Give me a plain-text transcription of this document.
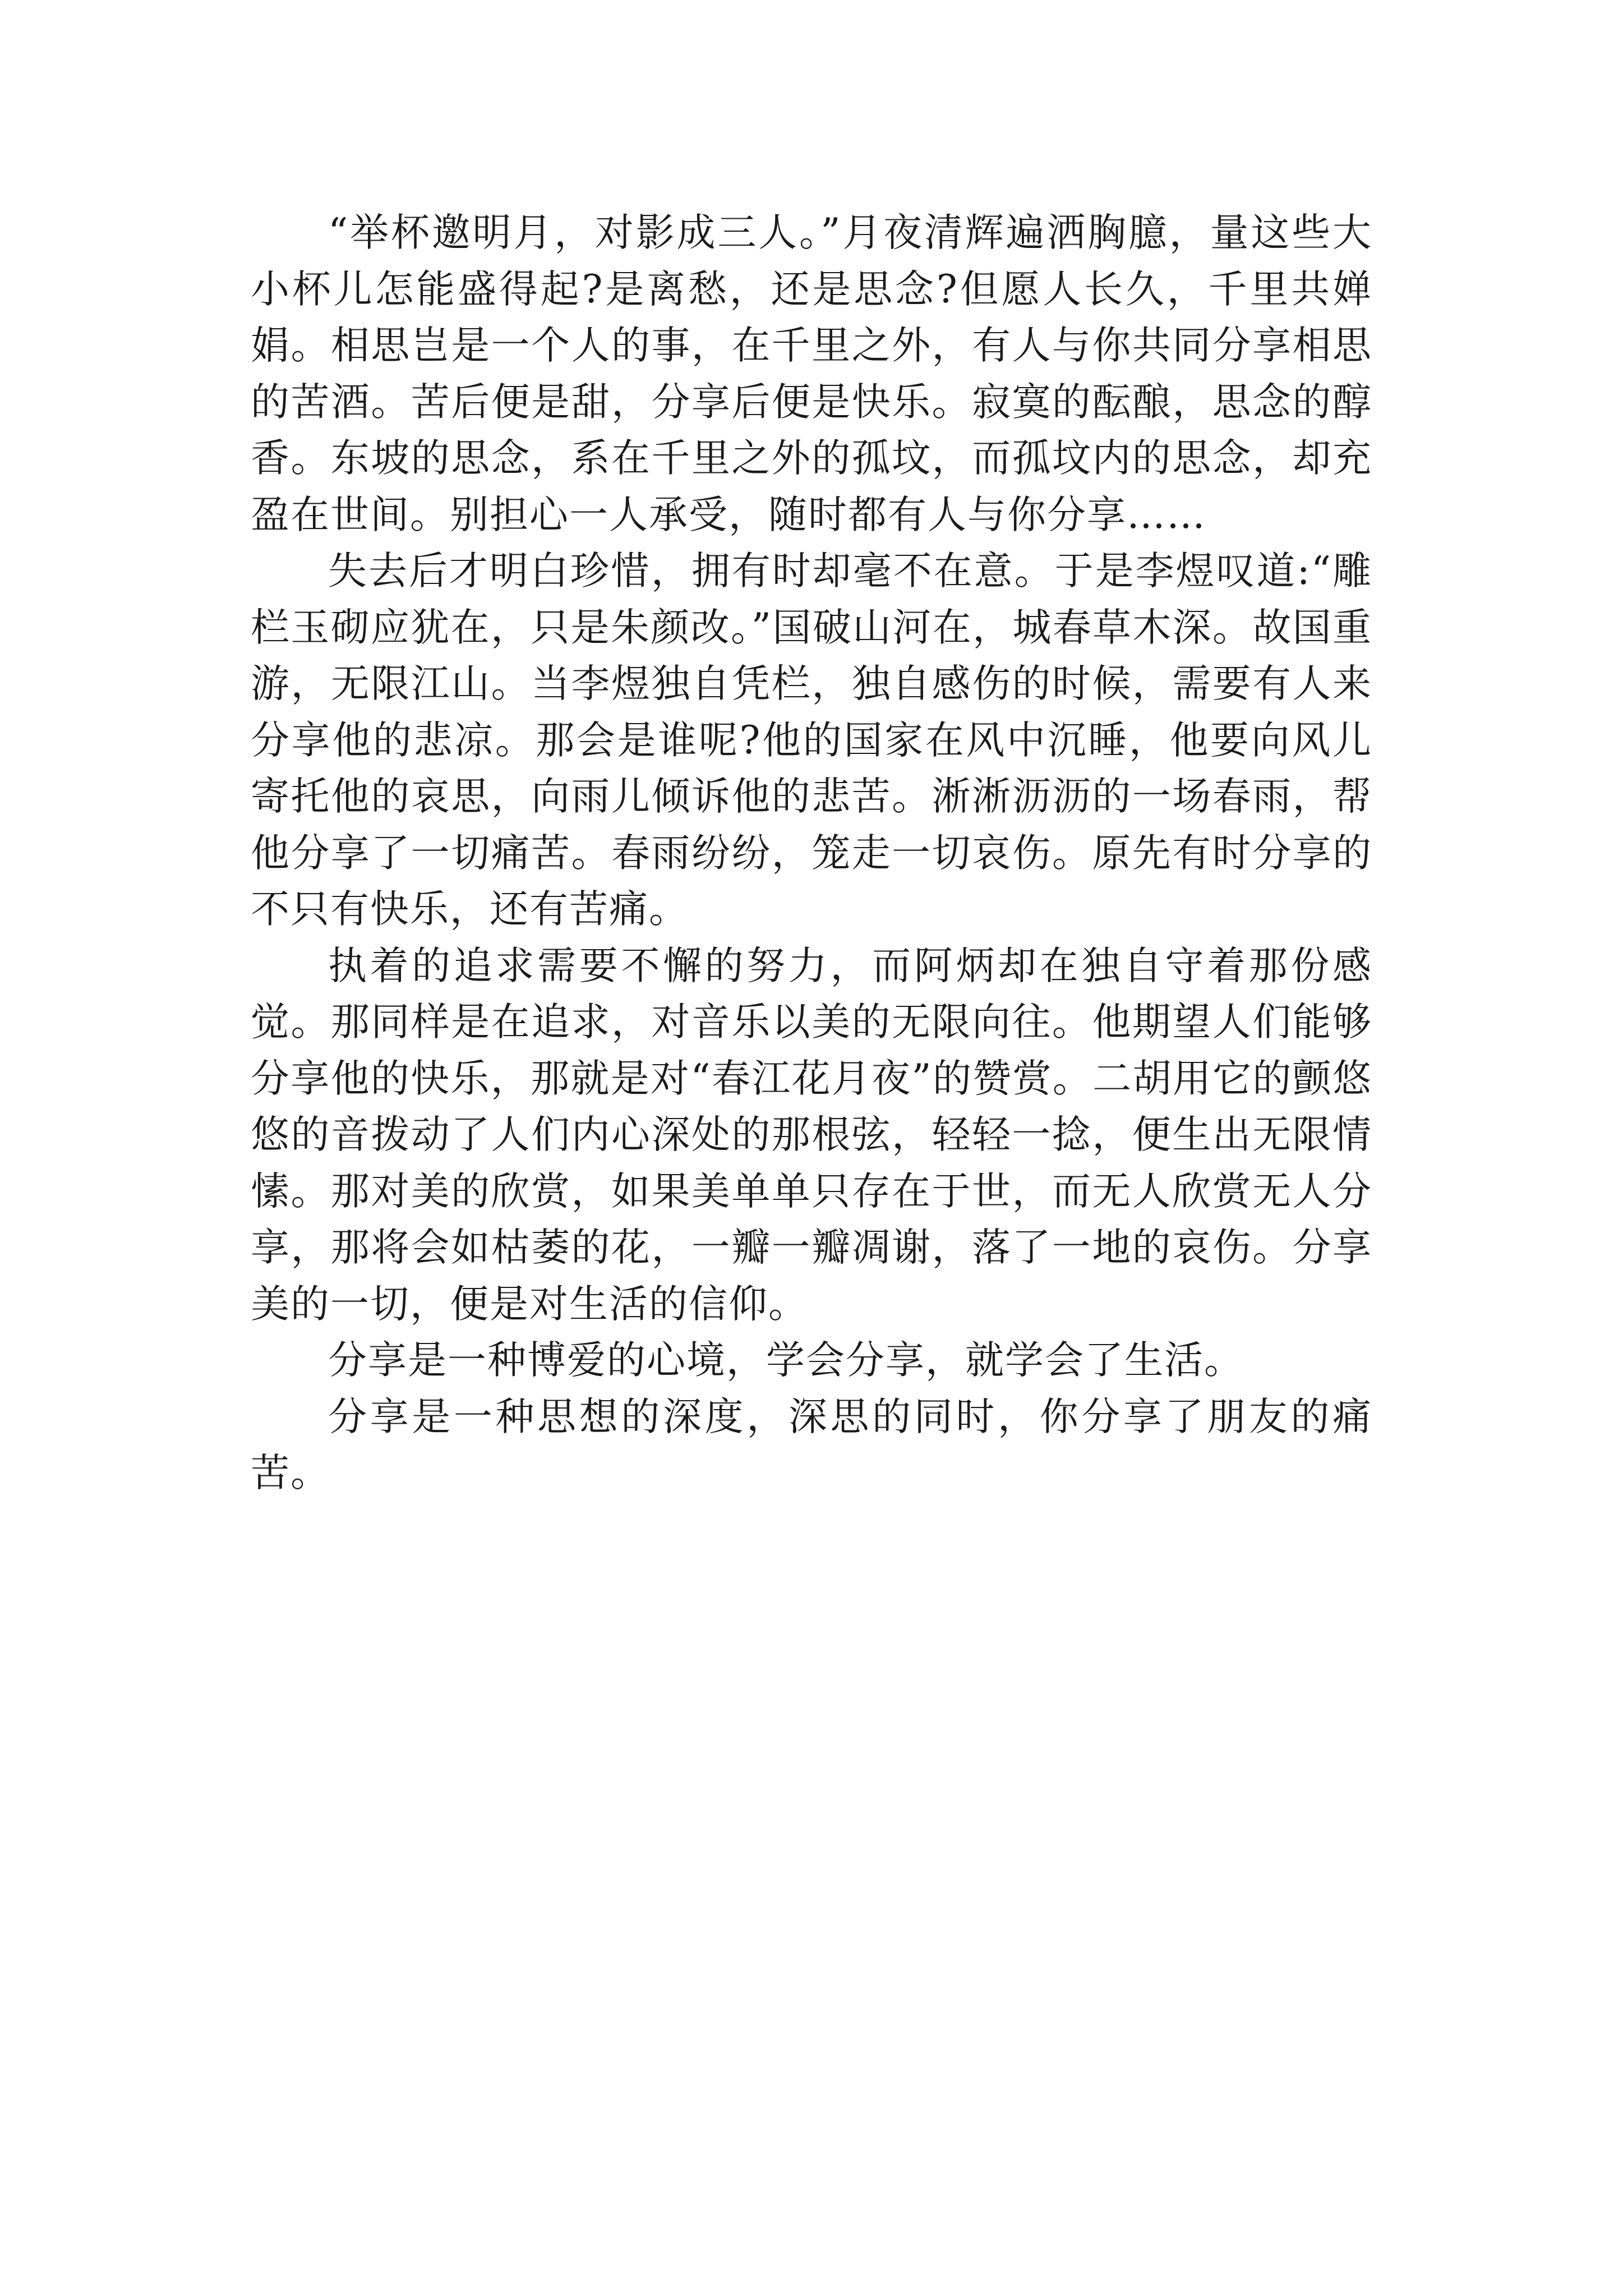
“举杯邀明月，对影成三人。”月夜清辉遍洒胸臆，量这些大小杯儿怎能盛得起?是离愁，还是思念?但愿人长久，千里共婵娟。相思岂是一个人的事，在千里之外，有人与你共同分享相思的苦酒。苦后便是甜，分享后便是快乐。寂寞的酝酿，思念的醇香。东坡的思念，系在千里之外的孤坟，而孤坟内的思念，却充盈在世间。别担心一人承受，随时都有人与你分享……

失去后才明白珍惜，拥有时却毫不在意。于是李煜叹道:“雕栏玉砌应犹在，只是朱颜改。”国破山河在，城春草木深。故国重游，无限江山。当李煜独自凭栏，独自感伤的时候，需要有人来分享他的悲凉。那会是谁呢?他的国家在风中沉睡，他要向风儿寄托他的哀思，向雨儿倾诉他的悲苦。淅淅沥沥的一场春雨，帮他分享了一切痛苦。春雨纷纷，笼走一切哀伤。原先有时分享的不只有快乐，还有苦痛。

执着的追求需要不懈的努力，而阿炳却在独自守着那份感觉。那同样是在追求，对音乐以美的无限向往。他期望人们能够分享他的快乐，那就是对“春江花月夜”的赞赏。二胡用它的颤悠悠的音拨动了人们内心深处的那根弦，轻轻一捻，便生出无限情愫。那对美的欣赏，如果美单单只存在于世，而无人欣赏无人分享，那将会如枯萎的花，一瓣一瓣凋谢，落了一地的哀伤。分享美的一切，便是对生活的信仰。

分享是一种博爱的心境，学会分享，就学会了生活。

分享是一种思想的深度，深思的同时，你分享了朋友的痛苦。
